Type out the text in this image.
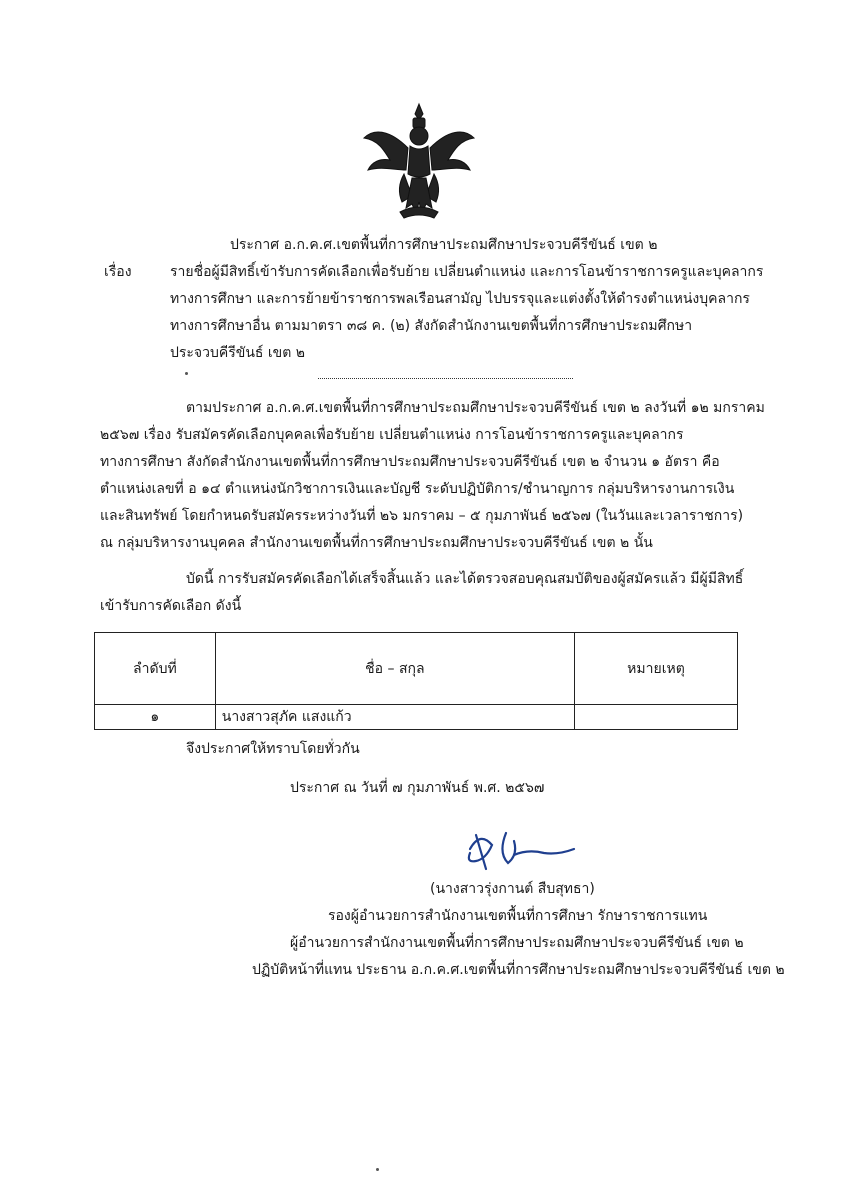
ประกาศ อ.ก.ค.ศ.เขตพื้นที่การศึกษาประถมศึกษาประจวบคีรีขันธ์ เขต ๒
เรื่อง	รายชื่อผู้มีสิทธิ์เข้ารับการคัดเลือกเพื่อรับย้าย เปลี่ยนตำแหน่ง และการโอนข้าราชการครูและบุคลากร
ทางการศึกษา และการย้ายข้าราชการพลเรือนสามัญ ไปบรรจุและแต่งตั้งให้ดำรงตำแหน่งบุคลากร
ทางการศึกษาอื่น ตามมาตรา ๓๘ ค. (๒) สังกัดสำนักงานเขตพื้นที่การศึกษาประถมศึกษา
ประจวบคีรีขันธ์ เขต ๒
ตามประกาศ อ.ก.ค.ศ.เขตพื้นที่การศึกษาประถมศึกษาประจวบคีรีขันธ์ เขต ๒ ลงวันที่ ๑๒ มกราคม
๒๕๖๗ เรื่อง รับสมัครคัดเลือกบุคคลเพื่อรับย้าย เปลี่ยนตำแหน่ง การโอนข้าราชการครูและบุคลากร
ทางการศึกษา สังกัดสำนักงานเขตพื้นที่การศึกษาประถมศึกษาประจวบคีรีขันธ์ เขต ๒ จำนวน ๑ อัตรา คือ
ตำแหน่งเลขที่ อ ๑๔ ตำแหน่งนักวิชาการเงินและบัญชี ระดับปฏิบัติการ/ชำนาญการ กลุ่มบริหารงานการเงิน
และสินทรัพย์ โดยกำหนดรับสมัครระหว่างวันที่ ๒๖ มกราคม – ๕ กุมภาพันธ์ ๒๕๖๗ (ในวันและเวลาราชการ)
ณ กลุ่มบริหารงานบุคคล สำนักงานเขตพื้นที่การศึกษาประถมศึกษาประจวบคีรีขันธ์ เขต ๒ นั้น
บัดนี้ การรับสมัครคัดเลือกได้เสร็จสิ้นแล้ว และได้ตรวจสอบคุณสมบัติของผู้สมัครแล้ว มีผู้มีสิทธิ์
เข้ารับการคัดเลือก ดังนี้
ลำดับที่	ชื่อ – สกุล	หมายเหตุ
๑	นางสาวสุภัค แสงแก้ว	
จึงประกาศให้ทราบโดยทั่วกัน
ประกาศ ณ วันที่ ๗ กุมภาพันธ์ พ.ศ. ๒๕๖๗
(นางสาวรุ่งกานต์ สืบสุทธา)
รองผู้อำนวยการสำนักงานเขตพื้นที่การศึกษา รักษาราชการแทน
ผู้อำนวยการสำนักงานเขตพื้นที่การศึกษาประถมศึกษาประจวบคีรีขันธ์ เขต ๒
ปฏิบัติหน้าที่แทน ประธาน อ.ก.ค.ศ.เขตพื้นที่การศึกษาประถมศึกษาประจวบคีรีขันธ์ เขต ๒
